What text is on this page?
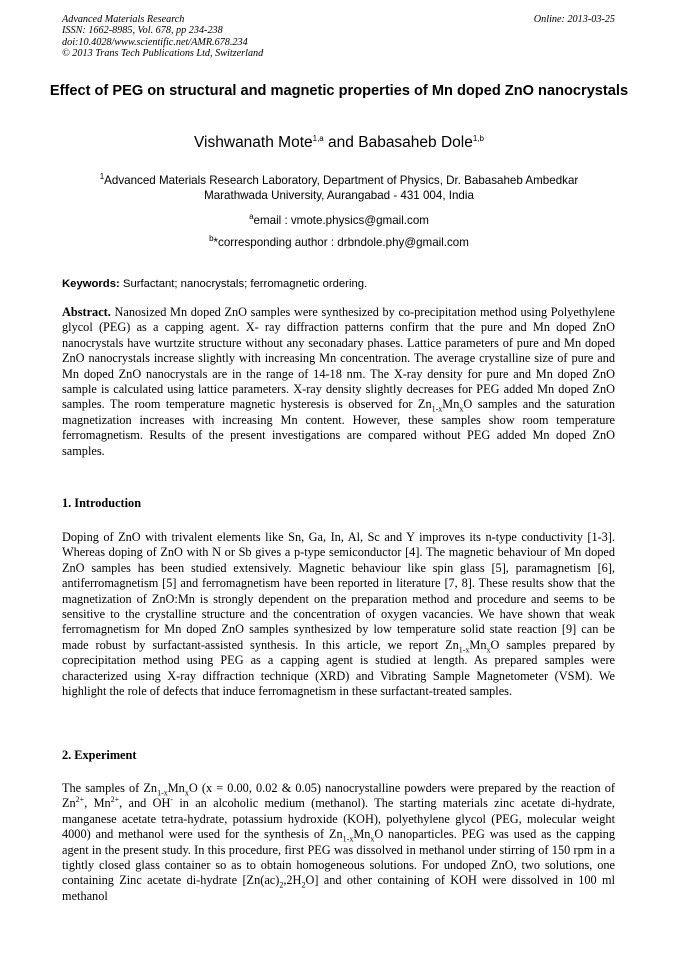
Advanced Materials Research
ISSN: 1662-8985, Vol. 678, pp 234-238
doi:10.4028/www.scientific.net/AMR.678.234
© 2013 Trans Tech Publications Ltd, Switzerland
Online: 2013-03-25
Effect of PEG on structural and magnetic properties of Mn doped ZnO nanocrystals
Vishwanath Mote$^{1,a}$ and Babasaheb Dole$^{1,b}$
$^1$Advanced Materials Research Laboratory, Department of Physics, Dr. Babasaheb Ambedkar
Marathwada University, Aurangabad - 431 004, India
$^a$email : vmote.physics@gmail.com
$^b$*corresponding author : drbndole.phy@gmail.com
Keywords: Surfactant; nanocrystals; ferromagnetic ordering.
Abstract. Nanosized Mn doped ZnO samples were synthesized by co-precipitation method using Polyethylene glycol (PEG) as a capping agent. X- ray diffraction patterns confirm that the pure and Mn doped ZnO nanocrystals have wurtzite structure without any seconadary phases. Lattice parameters of pure and Mn doped ZnO nanocrystals increase slightly with increasing Mn concentration. The average crystalline size of pure and Mn doped ZnO nanocrystals are in the range of 14-18 nm. The X-ray density for pure and Mn doped ZnO sample is calculated using lattice parameters. X-ray density slightly decreases for PEG added Mn doped ZnO samples. The room temperature magnetic hysteresis is observed for $Zn_{1-x}Mn_xO$ samples and the saturation magnetization increases with increasing Mn content. However, these samples show room temperature ferromagnetism. Results of the present investigations are compared without PEG added Mn doped ZnO samples.
1. Introduction
Doping of ZnO with trivalent elements like Sn, Ga, In, Al, Sc and Y improves its n-type conductivity [1-3]. Whereas doping of ZnO with N or Sb gives a p-type semiconductor [4]. The magnetic behaviour of Mn doped ZnO samples has been studied extensively. Magnetic behaviour like spin glass [5], paramagnetism [6], antiferromagnetism [5] and ferromagnetism have been reported in literature [7, 8]. These results show that the magnetization of ZnO:Mn is strongly dependent on the preparation method and procedure and seems to be sensitive to the crystalline structure and the concentration of oxygen vacancies. We have shown that weak ferromagnetism for Mn doped ZnO samples synthesized by low temperature solid state reaction [9] can be made robust by surfactant-assisted synthesis. In this article, we report $Zn_{1-x}Mn_xO$ samples prepared by coprecipitation method using PEG as a capping agent is studied at length. As prepared samples were characterized using X-ray diffraction technique (XRD) and Vibrating Sample Magnetometer (VSM). We highlight the role of defects that induce ferromagnetism in these surfactant-treated samples.
2. Experiment
The samples of $Zn_{1-x}Mn_xO$ (x = 0.00, 0.02 & 0.05) nanocrystalline powders were prepared by the reaction of $Zn^{2+}$, $Mn^{2+}$, and OH- in an alcoholic medium (methanol). The starting materials zinc acetate di-hydrate, manganese acetate tetra-hydrate, potassium hydroxide (KOH), polyethylene glycol (PEG, molecular weight 4000) and methanol were used for the synthesis of $Zn_{1-x}Mn_xO$ nanoparticles. PEG was used as the capping agent in the present study. In this procedure, first PEG was dissolved in methanol under stirring of 150 rpm in a tightly closed glass container so as to obtain homogeneous solutions. For undoped ZnO, two solutions, one containing Zinc acetate di-hydrate $[Zn(ac)_2,2H_2O]$ and other containing of KOH were dissolved in 100 ml methanol
